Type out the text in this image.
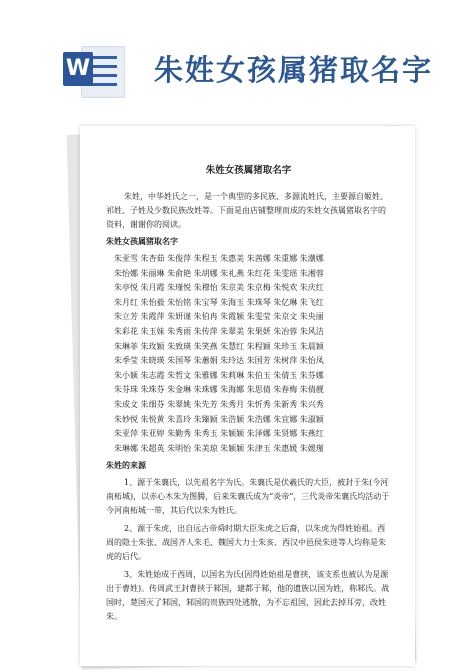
W 朱姓女孩属猪取名字
朱姓女孩属猪取名字

朱姓，中华姓氏之一，是一个典型的多民族、多源流姓氏，主要源自姬姓、祁姓、子姓及少数民族改姓等。下面是由店铺整理而成的朱姓女孩属猪取名字的资料，谢谢你的阅读。

朱姓女孩属猪取名字
朱亚雪 朱杏茹 朱俊萍 朱程玉 朱惠美 朱茜娜 朱重娜 朱潮娜
朱怡娜 朱丽琳 朱俞艳 朱胡娜 朱礼燕 朱红花 朱雯瑶 朱湘蓉
朱亭悦 朱月霞 朱瑾悦 朱穆怡 朱京美 朱京梅 朱悦欢 朱庆红
朱月红 朱怡毅 朱怡铭 朱宝琴 朱海玉 朱珠琴 朱亿琳 朱飞红
朱立芳 朱霞萍 朱妍谨 朱伯冉 朱霞颖 朱雯莹 朱京文 朱央丽
朱彩花 朱玉妹 朱秀雨 朱传萍 朱翠美 朱果妍 朱冶蓉 朱风洁
朱琳菲 朱玫颖 朱致瑛 朱笑燕 朱慧红 朱程颖 朱珍玉 朱晨颖
朱季莹 朱晓瑛 朱国琴 朱蕙娟 朱玲达 朱国芳 朱树萍 朱怡凤
朱小颖 朱志霞 朱哲文 朱雅娜 朱莉琳 朱伯玉 朱倩玉 朱芬娜
朱芬珠 朱珠芬 朱金琳 朱珠娜 朱海娜 朱思倩 朱春梅 朱倩靓
朱成文 朱细芬 朱翠姚 朱先芳 朱秀月 朱忻秀 朱新秀 朱兴秀
朱妙悦 朱悦黄 朱喜玲 朱臻颖 朱浩颖 朱浩娜 朱宜娜 朱淑颖
朱亚萍 朱亚婷 朱勤秀 朱秀玉 朱颖颖 朱泽娜 朱贤娜 朱燕红
朱琳娜 朱超英 朱明怡 朱美琼 朱颖颖 朱津玉 朱惠媛 朱媛瑾
朱姓的来源

1、源于朱襄氏，以先祖名字为氏。朱襄氏是伏羲氏的大臣，被封于朱(今河南柘城)，以赤心木朱为图腾，后来朱襄氏成为“炎帝”，三代炎帝朱襄氏均活动于今河南柘城一带，其后代以朱为姓氏。

2、源于朱虎，出自远古帝舜时期大臣朱虎之后裔，以朱虎为得姓始祖。西周的隐士朱张、战国齐人朱毛、魏国大力士朱亥、西汉中邑侯朱进等人均称是朱虎的后代。

3、朱姓始成于西周，以国名为氏(因得姓始祖是曹挟，该支系也被认为是源出于曹姓)。传周武王封曹挟于邾国，建都于邾，他的遗族以国为姓，称邾氏。战国时，楚国灭了邾国，邾国的贵族四处逃散，为不忘祖国，因此去掉耳旁，改姓朱。
